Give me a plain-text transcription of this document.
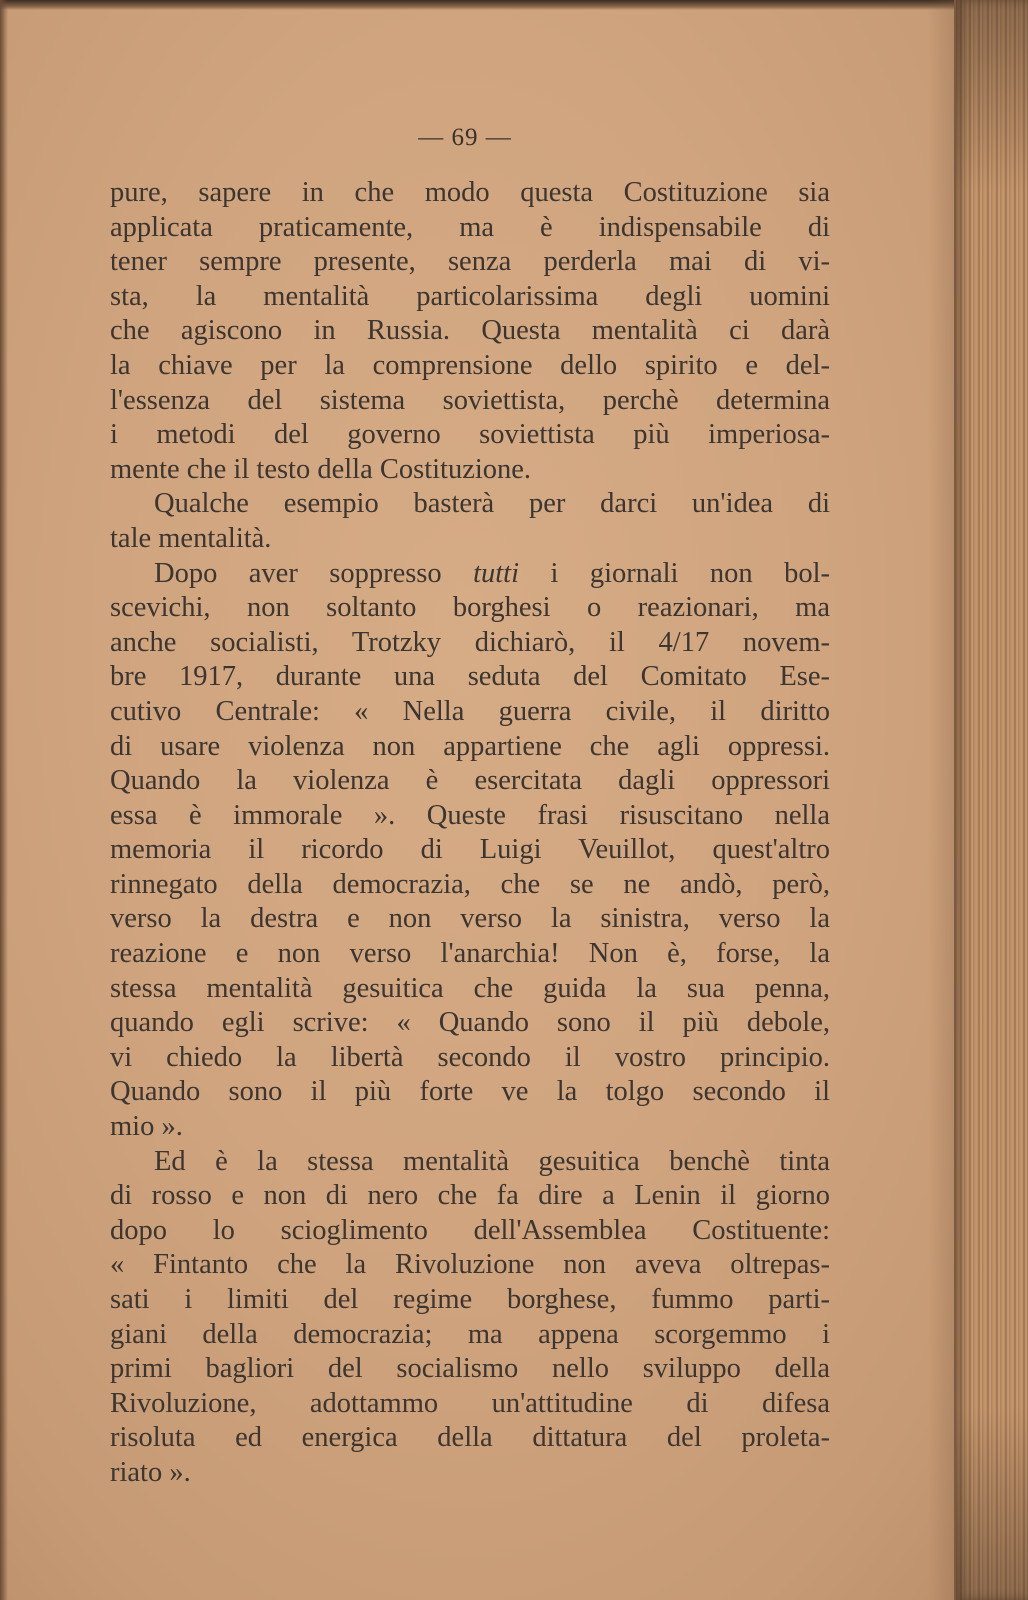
— 69 —
pure, sapere in che modo questa Costituzione sia
applicata praticamente, ma è indispensabile di
tener sempre presente, senza perderla mai di vi-
sta, la mentalità particolarissima degli uomini
che agiscono in Russia. Questa mentalità ci darà
la chiave per la comprensione dello spirito e del-
l'essenza del sistema soviettista, perchè determina
i metodi del governo soviettista più imperiosa-
mente che il testo della Costituzione.
Qualche esempio basterà per darci un'idea di
tale mentalità.
Dopo aver soppresso tutti i giornali non bol-
scevichi, non soltanto borghesi o reazionari, ma
anche socialisti, Trotzky dichiarò, il 4/17 novem-
bre 1917, durante una seduta del Comitato Ese-
cutivo Centrale: « Nella guerra civile, il diritto
di usare violenza non appartiene che agli oppressi.
Quando la violenza è esercitata dagli oppressori
essa è immorale ». Queste frasi risuscitano nella
memoria il ricordo di Luigi Veuillot, quest'altro
rinnegato della democrazia, che se ne andò, però,
verso la destra e non verso la sinistra, verso la
reazione e non verso l'anarchia! Non è, forse, la
stessa mentalità gesuitica che guida la sua penna,
quando egli scrive: « Quando sono il più debole,
vi chiedo la libertà secondo il vostro principio.
Quando sono il più forte ve la tolgo secondo il
mio ».
Ed è la stessa mentalità gesuitica benchè tinta
di rosso e non di nero che fa dire a Lenin il giorno
dopo lo scioglimento dell'Assemblea Costituente:
« Fintanto che la Rivoluzione non aveva oltrepas-
sati i limiti del regime borghese, fummo parti-
giani della democrazia; ma appena scorgemmo i
primi bagliori del socialismo nello sviluppo della
Rivoluzione, adottammo un'attitudine di difesa
risoluta ed energica della dittatura del proleta-
riato ».
